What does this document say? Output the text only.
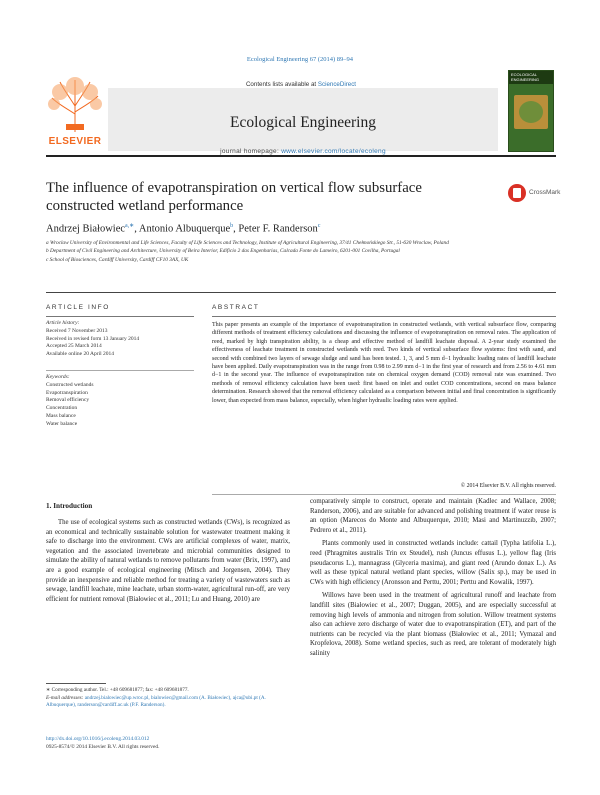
Ecological Engineering 67 (2014) 89–94
Contents lists available at ScienceDirect
ELSEVIER
Ecological Engineering
journal homepage: www.elsevier.com/locate/ecoleng
ECOLOGICAL ENGINEERING
The influence of evapotranspiration on vertical flow subsurface constructed wetland performance
CrossMark
Andrzej Białowiec$^{a,∗}$, Antonio Albuquerque$^b$, Peter F. Randerson$^c$
a Wroclaw University of Environmental and Life Sciences, Faculty of Life Sciences and Technology, Institute of Agricultural Engineering, 37/41 Chełmońskiego Str., 51-630 Wroclaw, Poland
b Department of Civil Engineering and Architecture, University of Beira Interior, Edificio 2 das Engenharias, Calcada Fonte do Lameiro, 6201-001 Covilha, Portugal
c School of Biosciences, Cardiff University, Cardiff CF10 3AX, UK
ARTICLE INFO	ABSTRACT
Article history:
Received 7 November 2013
Received in revised form 13 January 2014
Accepted 25 March 2014
Available online 20 April 2014
Keywords:
Constructed wetlands
Evapotranspiration
Removal efficiency
Concentration
Mass balance
Water balance
This paper presents an example of the importance of evapotranspiration in constructed wetlands, with vertical subsurface flow, comparing different methods of treatment efficiency calculations and discussing the influence of evapotranspiration on removal rates. The application of reed, marked by high transpiration ability, is a cheap and effective method of landfill leachate disposal. A 2-year study examined the effectiveness of leachate treatment in constructed wetlands with reed. Two kinds of vertical subsurface flow systems: first with sand, and second with combined two layers of sewage sludge and sand has been tested. 1, 3, and 5 mm d−1 hydraulic loading rates of landfill leachate have been applied. Daily evapotranspiration was in the range from 0.98 to 2.99 mm d−1 in the first year of research and from 2.56 to 4.61 mm d−1 in the second year. The influence of evapotranspiration rate on chemical oxygen demand (COD) removal rate was examined. Two methods of removal efficiency calculation have been used: first based on inlet and outlet COD concentrations, second on mass balance determination. Research showed that the removal efficiency calculated as a comparison between initial and final concentration is significantly lower, than expected from mass balance, especially, when higher hydraulic loading rates were applied.
© 2014 Elsevier B.V. All rights reserved.
1. Introduction

The use of ecological systems such as constructed wetlands (CWs), is recognized as an economical and technically sustainable solution for wastewater treatment making it safe to discharge into the environment. CWs are artificial complexes of water, matrix, vegetation and the associated invertebrate and microbial communities designed to simulate the ability of natural wetlands to remove pollutants from water (Brix, 1997), and are a good example of ecological engineering (Mitsch and Jorgensen, 2004). They provide an inexpensive and reliable method for treating a variety of wastewaters such as sewage, landfill leachate, mine leachate, urban storm-water, agricultural run-off, are very efficient for nutrient removal (Białowiec et al., 2011; Lu and Huang, 2010) are

comparatively simple to construct, operate and maintain (Kadlec and Wallace, 2008; Randerson, 2006), and are suitable for advanced and polishing treatment if water reuse is an option (Marecos do Monte and Albuquerque, 2010; Masi and Martinuzzib, 2007; Pedrero et al., 2011).

Plants commonly used in constructed wetlands include: cattail (Typha latifolia L.), reed (Phragmites australis Trin ex Steudel), rush (Juncus effusus L.), yellow flag (Iris pseudacorus L.), mannagrass (Glyceria maxima), and giant reed (Arundo donax L.). As well as these typical natural wetland plant species, willow (Salix sp.), may be used in CWs with high efficiency (Aronsson and Perttu, 2001; Perttu and Kowalik, 1997).

Willows have been used in the treatment of agricultural runoff and leachate from landfill sites (Białowiec et al., 2007; Duggan, 2005), and are especially successful at removing high levels of ammonia and nitrogen from solution. Willow treatment systems also can achieve zero discharge of water due to evapotranspiration (ET), and part of the nutrients can be recycled via the plant biomass (Białowiec et al., 2011; Vymazal and Kropfelova, 2008). Some wetland species, such as reed, are tolerant of moderately high salinity

∗ Corresponding author. Tel.: +48 609681877; fax: +48 609681877.
E-mail addresses: andrzej.bialowiec@up.wroc.pl, bialowiec@gmail.com (A. Białowiec), ajca@ubi.pt (A. Albuquerque), randerson@cardiff.ac.uk (P.F. Randerson).
http://dx.doi.org/10.1016/j.ecoleng.2014.03.012
0925-8574/© 2014 Elsevier B.V. All rights reserved.
